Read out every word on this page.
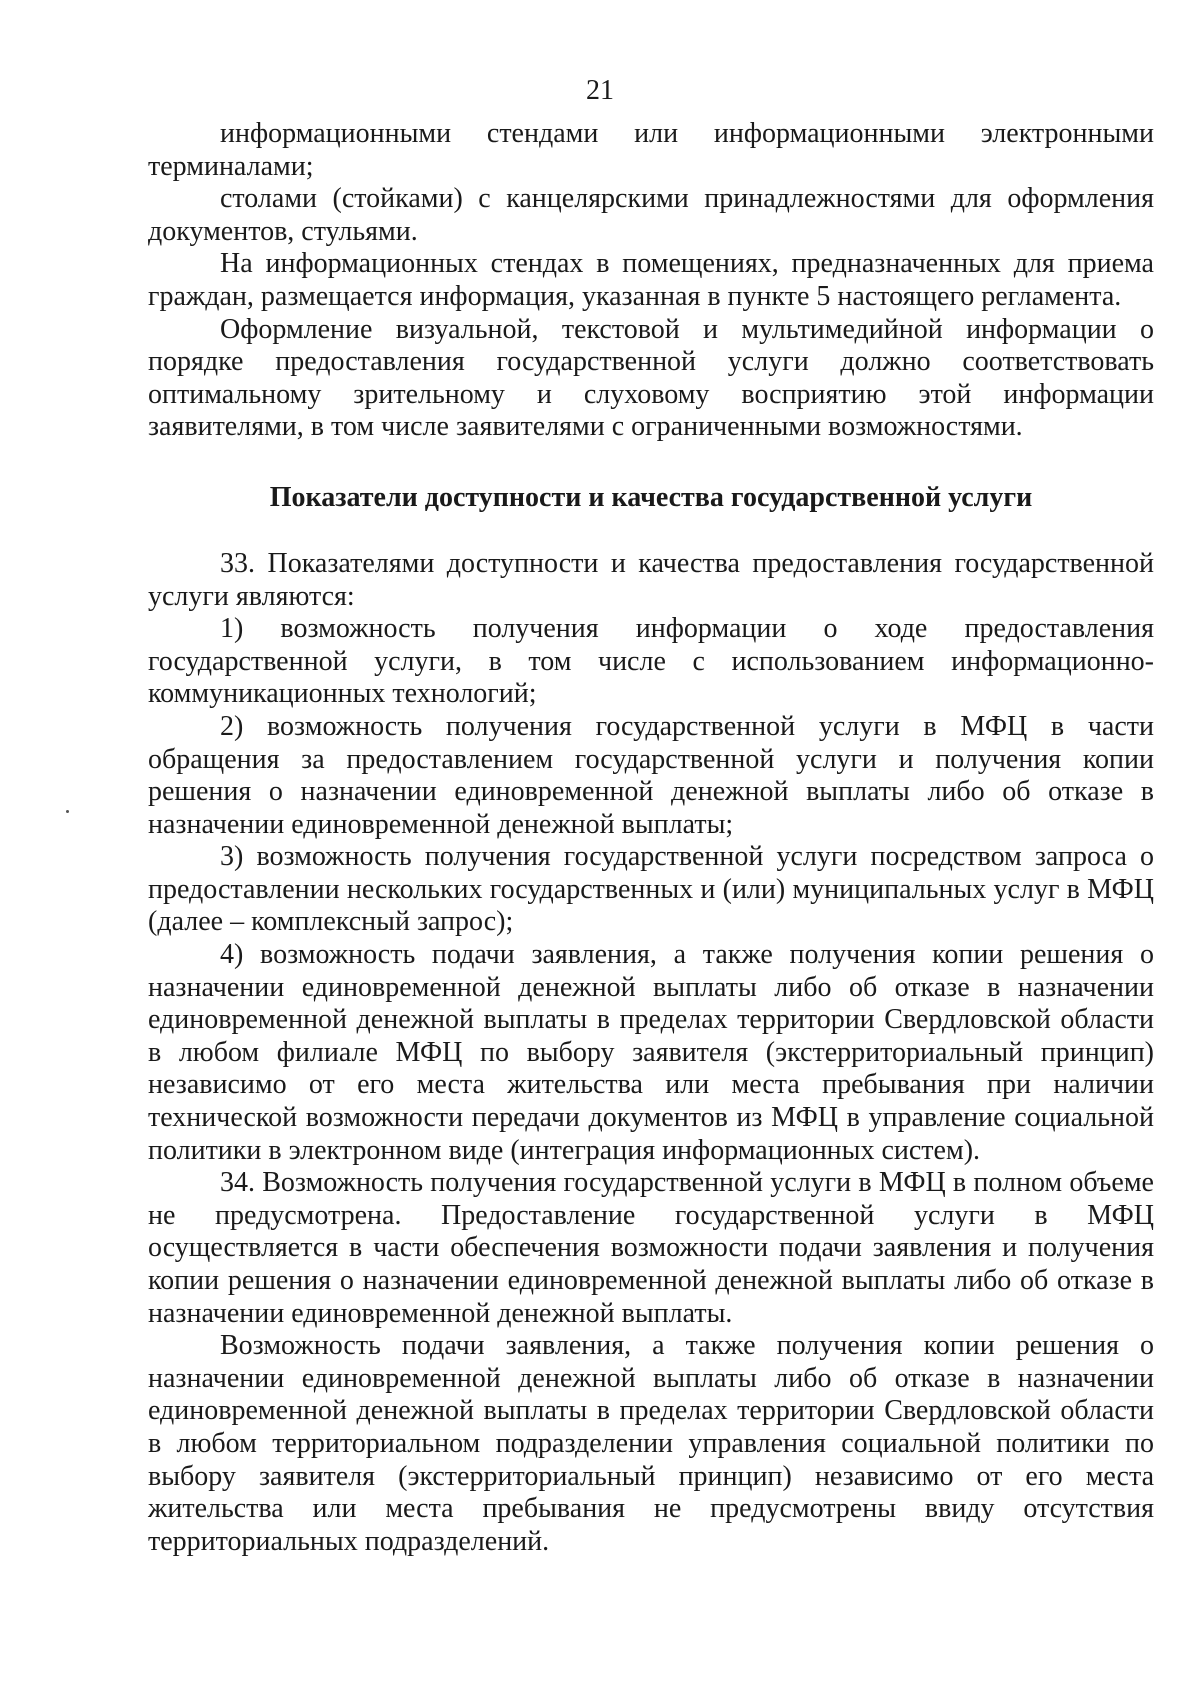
21

информационными стендами или информационными электронными терминалами;

столами (стойками) с канцелярскими принадлежностями для оформления документов, стульями.

На информационных стендах в помещениях, предназначенных для приема граждан, размещается информация, указанная в пункте 5 настоящего регламента.

Оформление визуальной, текстовой и мультимедийной информации о порядке предоставления государственной услуги должно соответствовать оптимальному зрительному и слуховому восприятию этой информации заявителями, в том числе заявителями с ограниченными возможностями.

Показатели доступности и качества государственной услуги

33. Показателями доступности и качества предоставления государственной услуги являются:

1) возможность получения информации о ходе предоставления государственной услуги, в том числе с использованием информационно-коммуникационных технологий;

2) возможность получения государственной услуги в МФЦ в части обращения за предоставлением государственной услуги и получения копии решения о назначении единовременной денежной выплаты либо об отказе в назначении единовременной денежной выплаты;

3) возможность получения государственной услуги посредством запроса о предоставлении нескольких государственных и (или) муниципальных услуг в МФЦ (далее – комплексный запрос);

4) возможность подачи заявления, а также получения копии решения о назначении единовременной денежной выплаты либо об отказе в назначении единовременной денежной выплаты в пределах территории Свердловской области в любом филиале МФЦ по выбору заявителя (экстерриториальный принцип) независимо от его места жительства или места пребывания при наличии технической возможности передачи документов из МФЦ в управление социальной политики в электронном виде (интеграция информационных систем).

34. Возможность получения государственной услуги в МФЦ в полном объеме не предусмотрена. Предоставление государственной услуги в МФЦ осуществляется в части обеспечения возможности подачи заявления и получения копии решения о назначении единовременной денежной выплаты либо об отказе в назначении единовременной денежной выплаты.

Возможность подачи заявления, а также получения копии решения о назначении единовременной денежной выплаты либо об отказе в назначении единовременной денежной выплаты в пределах территории Свердловской области в любом территориальном подразделении управления социальной политики по выбору заявителя (экстерриториальный принцип) независимо от его места жительства или места пребывания не предусмотрены ввиду отсутствия территориальных подразделений.
